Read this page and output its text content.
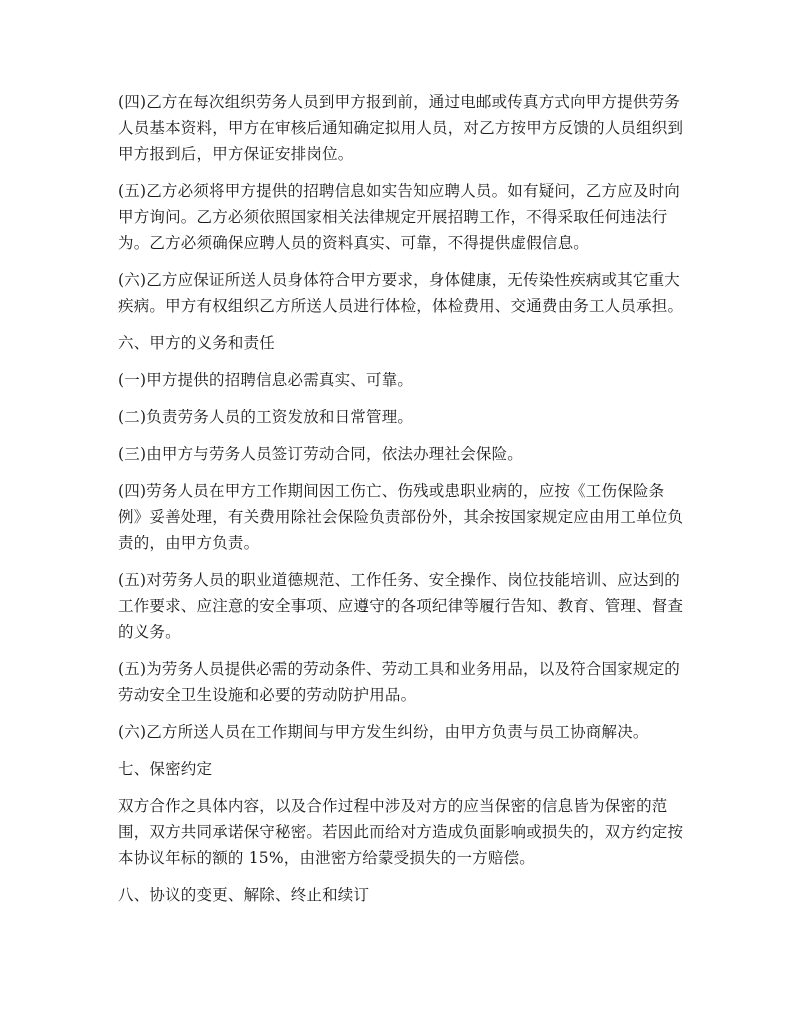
(四)乙方在每次组织劳务人员到甲方报到前，通过电邮或传真方式向甲方提供劳务
人员基本资料，甲方在审核后通知确定拟用人员，对乙方按甲方反馈的人员组织到
甲方报到后，甲方保证安排岗位。
(五)乙方必须将甲方提供的招聘信息如实告知应聘人员。如有疑问，乙方应及时向
甲方询问。乙方必须依照国家相关法律规定开展招聘工作，不得采取任何违法行
为。乙方必须确保应聘人员的资料真实、可靠，不得提供虚假信息。
(六)乙方应保证所送人员身体符合甲方要求，身体健康，无传染性疾病或其它重大
疾病。甲方有权组织乙方所送人员进行体检，体检费用、交通费由务工人员承担。
六、甲方的义务和责任
(一)甲方提供的招聘信息必需真实、可靠。
(二)负责劳务人员的工资发放和日常管理。
(三)由甲方与劳务人员签订劳动合同，依法办理社会保险。
(四)劳务人员在甲方工作期间因工伤亡、伤残或患职业病的，应按《工伤保险条
例》妥善处理，有关费用除社会保险负责部份外，其余按国家规定应由用工单位负
责的，由甲方负责。
(五)对劳务人员的职业道德规范、工作任务、安全操作、岗位技能培训、应达到的
工作要求、应注意的安全事项、应遵守的各项纪律等履行告知、教育、管理、督查
的义务。
(五)为劳务人员提供必需的劳动条件、劳动工具和业务用品，以及符合国家规定的
劳动安全卫生设施和必要的劳动防护用品。
(六)乙方所送人员在工作期间与甲方发生纠纷，由甲方负责与员工协商解决。
七、保密约定
双方合作之具体内容，以及合作过程中涉及对方的应当保密的信息皆为保密的范
围，双方共同承诺保守秘密。若因此而给对方造成负面影响或损失的，双方约定按
本协议年标的额的 15%，由泄密方给蒙受损失的一方赔偿。
八、协议的变更、解除、终止和续订
